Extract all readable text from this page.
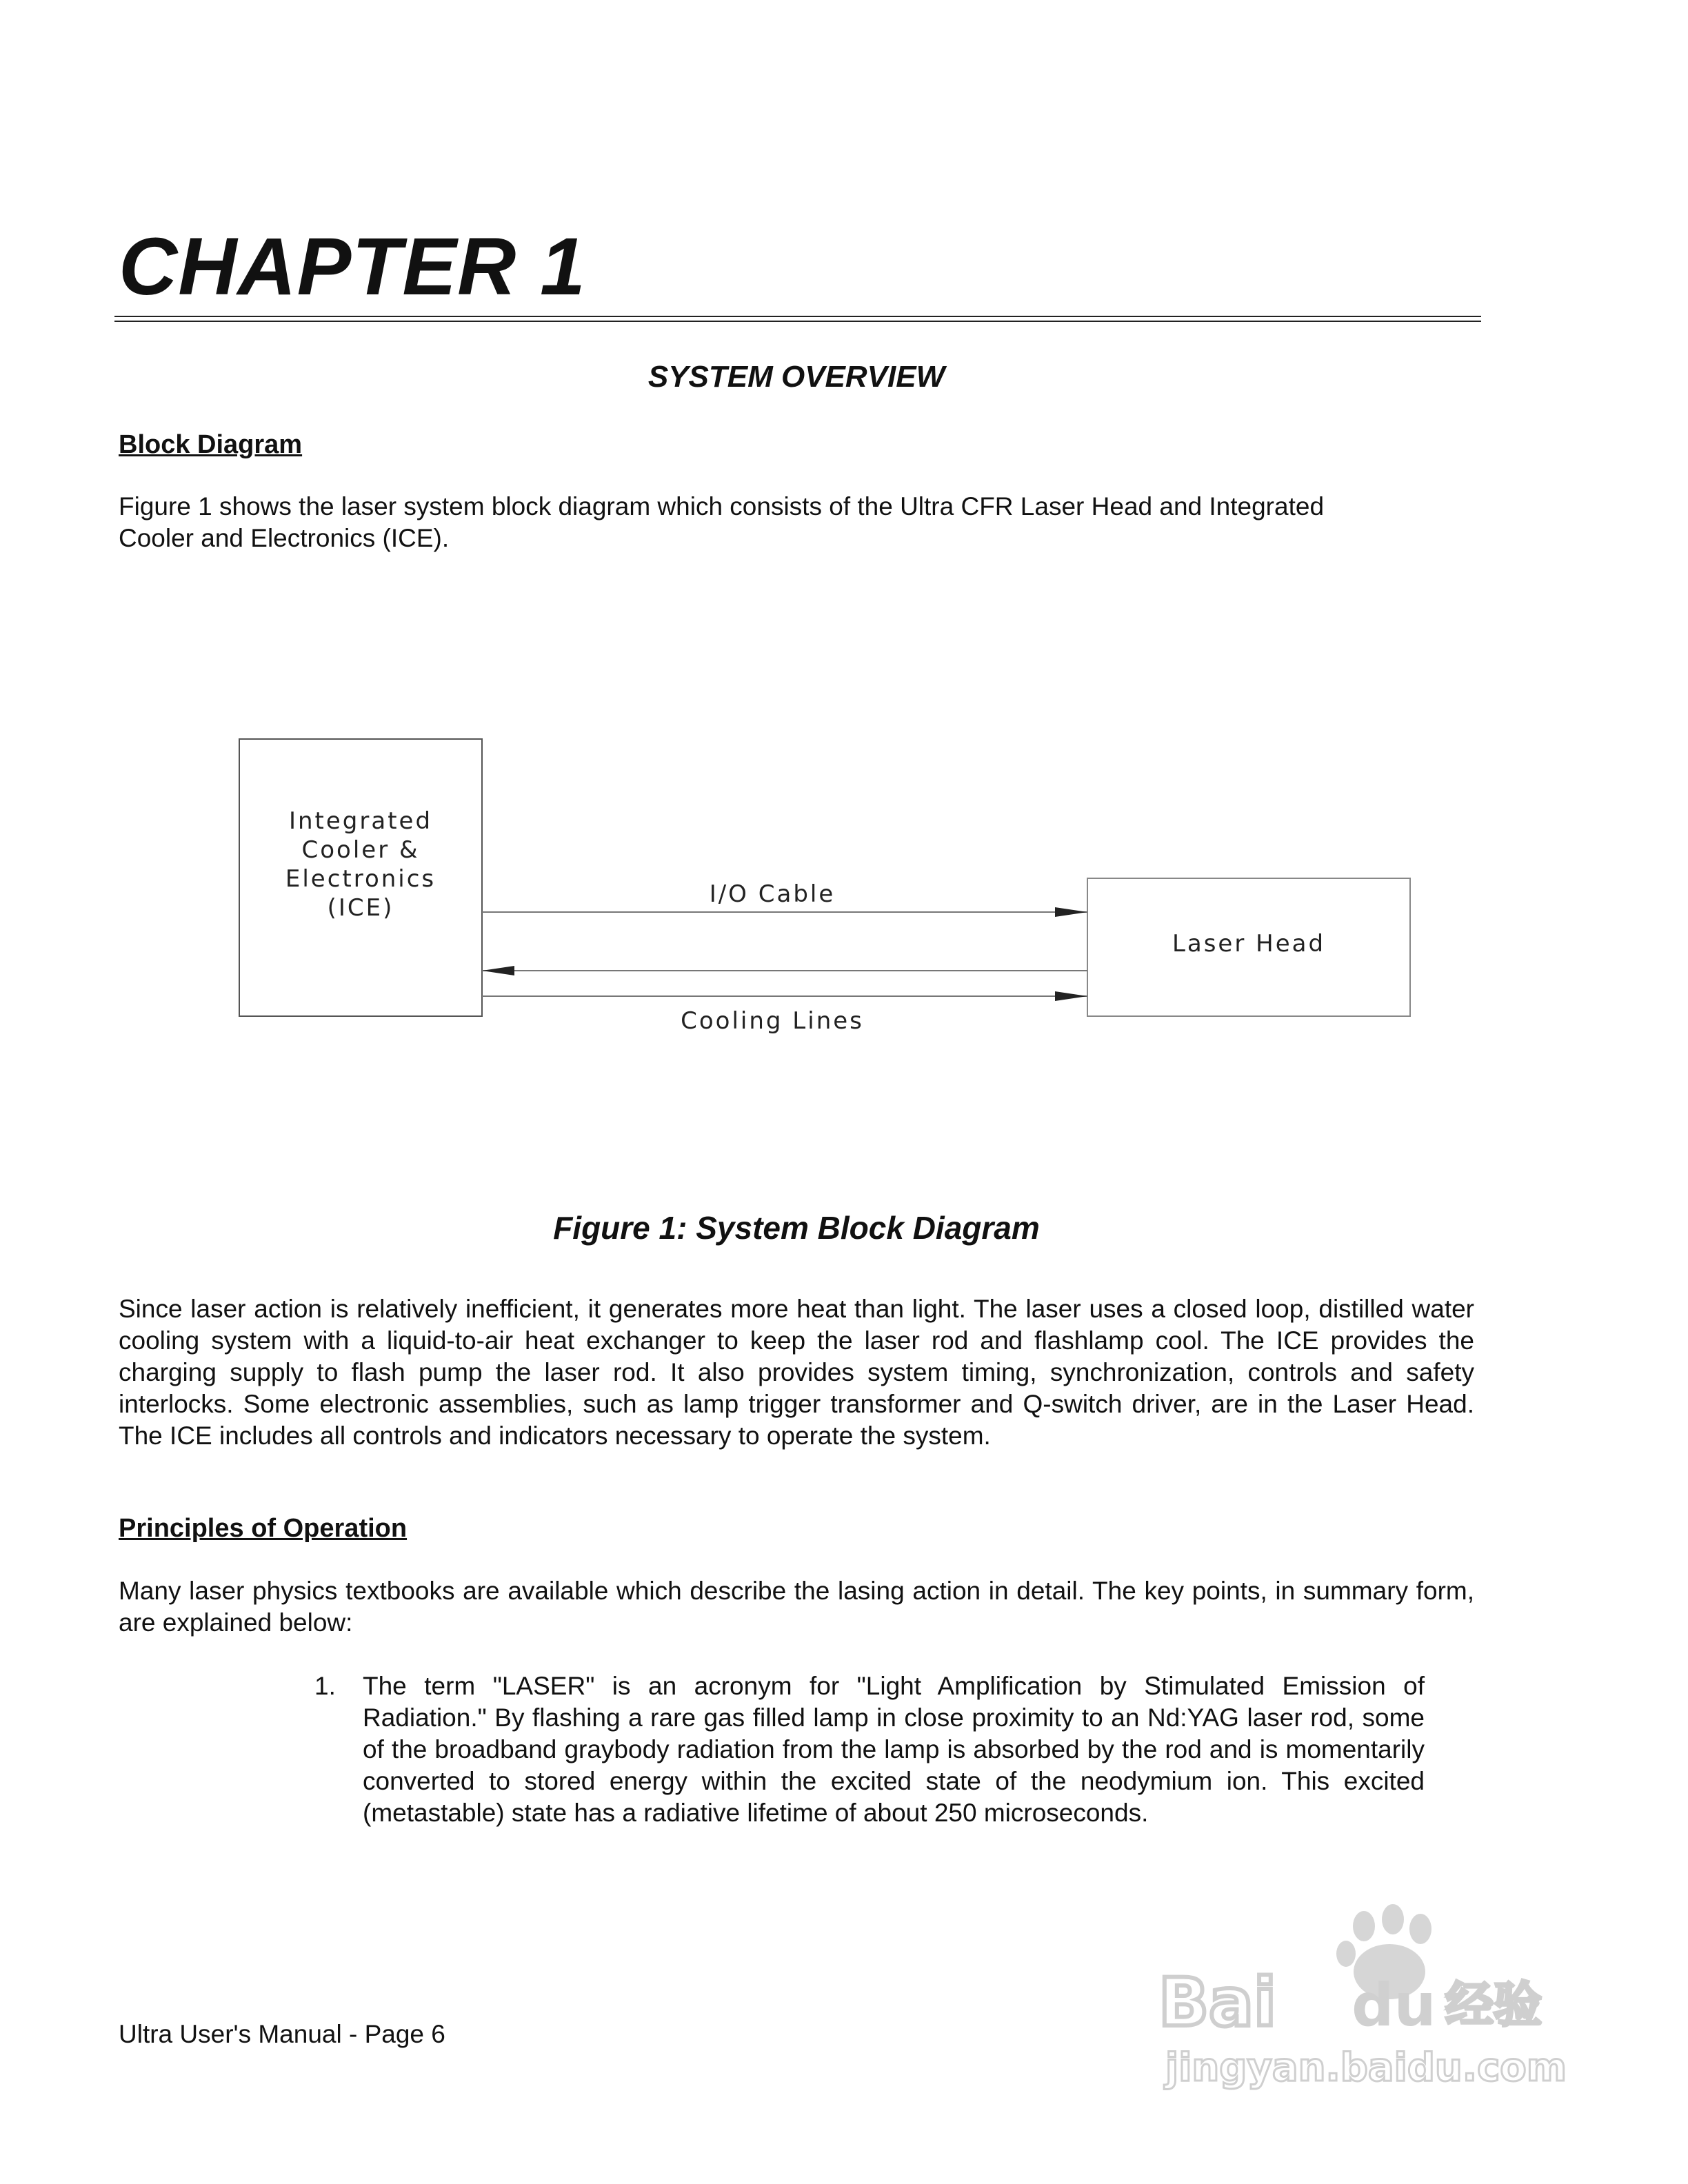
CHAPTER 1
SYSTEM OVERVIEW
Block Diagram
Figure 1 shows the laser system block diagram which consists of the Ultra CFR Laser Head and Integrated
Cooler and Electronics (ICE).
Integrated
Cooler &
Electronics
(ICE)
Laser Head
I/O Cable
Cooling Lines

Figure 1: System Block Diagram

Since laser action is relatively inefficient, it generates more heat than light. The laser uses a closed loop, distilled water cooling system with a liquid-to-air heat exchanger to keep the laser rod and flashlamp cool. The ICE provides the charging supply to flash pump the laser rod. It also provides system timing, synchronization, controls and safety interlocks. Some electronic assemblies, such as lamp trigger transformer and Q-switch driver, are in the Laser Head. The ICE includes all controls and indicators necessary to operate the system.

Principles of Operation

Many laser physics textbooks are available which describe the lasing action in detail. The key points, in summary form, are explained below:

1. The term "LASER" is an acronym for "Light Amplification by Stimulated Emission of Radiation." By flashing a rare gas filled lamp in close proximity to an Nd:YAG laser rod, some of the broadband graybody radiation from the lamp is absorbed by the rod and is momentarily converted to stored energy within the excited state of the neodymium ion. This excited (metastable) state has a radiative lifetime of about 250 microseconds.

Ultra User's Manual - Page 6	Bai du 经验
jingyan.baidu.com
